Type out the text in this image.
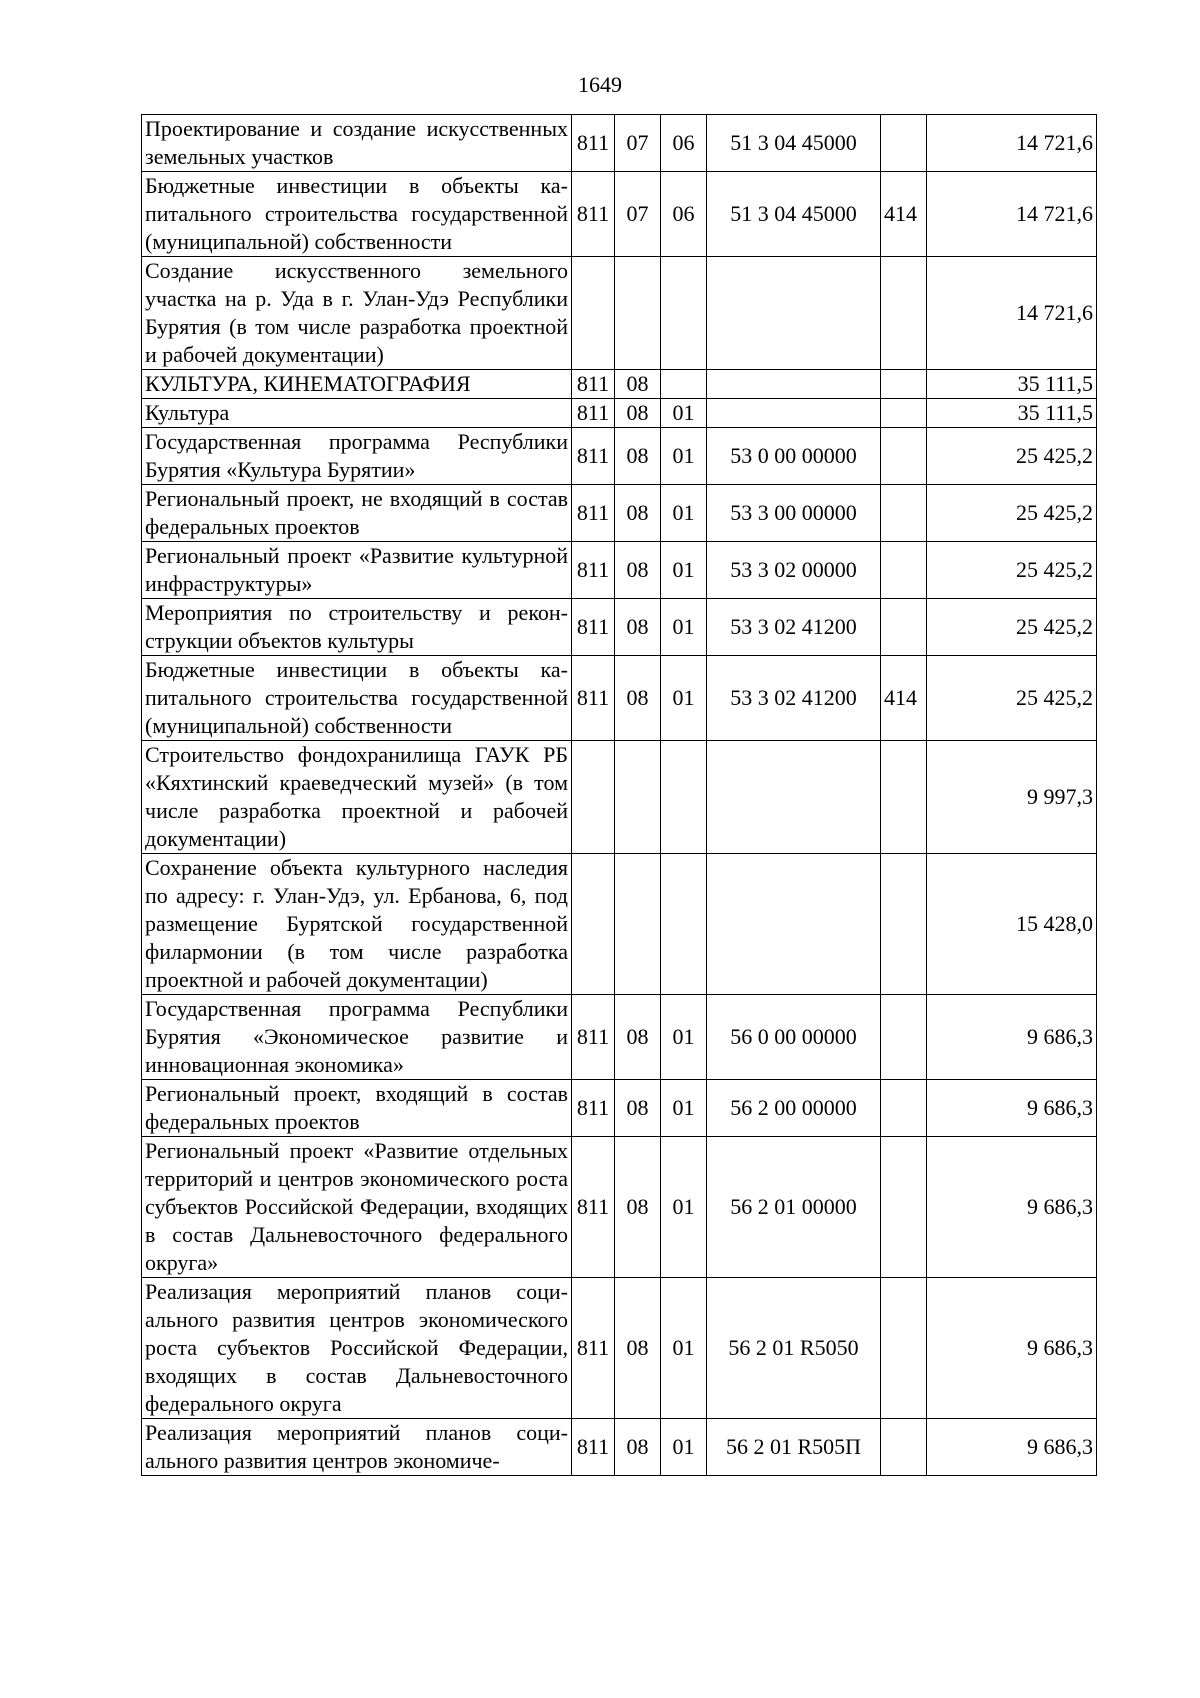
1649
Проектирование и создание искусственных земельных участков	811	07	06	51 3 04 45000		14 721,6
Бюджетные инвестиции в объекты капитального строительства государственной (муниципальной) собственности	811	07	06	51 3 04 45000	414	14 721,6
Создание искусственного земельного участка на р. Уда в г. Улан-Удэ Республики Бурятия (в том числе разработка проектной и рабочей документации)						14 721,6
КУЛЬТУРА, КИНЕМАТОГРАФИЯ	811	08				35 111,5
Культура	811	08	01			35 111,5
Государственная программа Республики Бурятия «Культура Бурятии»	811	08	01	53 0 00 00000		25 425,2
Региональный проект, не входящий в состав федеральных проектов	811	08	01	53 3 00 00000		25 425,2
Региональный проект «Развитие культурной инфраструктуры»	811	08	01	53 3 02 00000		25 425,2
Мероприятия по строительству и реконструкции объектов культуры	811	08	01	53 3 02 41200		25 425,2
Бюджетные инвестиции в объекты капитального строительства государственной (муниципальной) собственности	811	08	01	53 3 02 41200	414	25 425,2
Строительство фондохранилища ГАУК РБ «Кяхтинский краеведческий музей» (в том числе разработка проектной и рабочей документации)						9 997,3
Сохранение объекта культурного наследия по адресу: г. Улан-Удэ, ул. Ербанова, 6, под размещение Бурятской государственной филармонии (в том числе разработка проектной и рабочей документации)						15 428,0
Государственная программа Республики Бурятия «Экономическое развитие и инновационная экономика»	811	08	01	56 0 00 00000		9 686,3
Региональный проект, входящий в состав федеральных проектов	811	08	01	56 2 00 00000		9 686,3
Региональный проект «Развитие отдельных территорий и центров экономического роста субъектов Российской Федерации, входящих в состав Дальневосточного федерального округа»	811	08	01	56 2 01 00000		9 686,3
Реализация мероприятий планов социального развития центров экономического роста субъектов Российской Федерации, входящих в состав Дальневосточного федерального округа	811	08	01	56 2 01 R5050		9 686,3
Реализация мероприятий планов социального развития центров экономиче-	811	08	01	56 2 01 R505П		9 686,3
